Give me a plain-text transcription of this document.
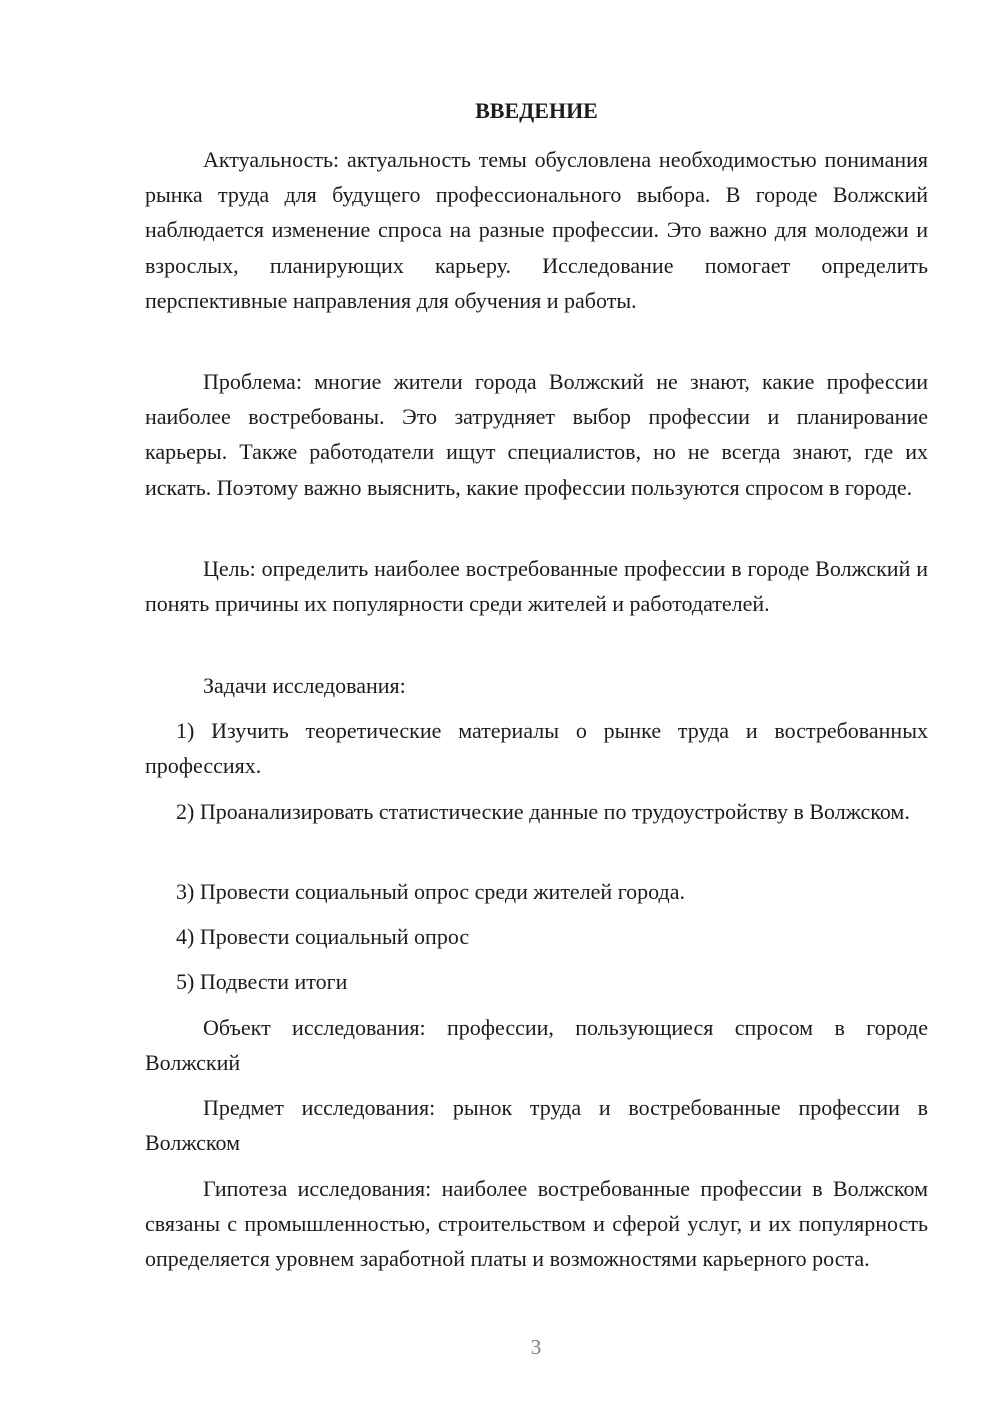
ВВЕДЕНИЕ

Актуальность: актуальность темы обусловлена необходимостью понимания рынка труда для будущего профессионального выбора. В городе Волжский наблюдается изменение спроса на разные профессии. Это важно для молодежи и взрослых, планирующих карьеру. Исследование помогает определить перспективные направления для обучения и работы.

Проблема: многие жители города Волжский не знают, какие профессии наиболее востребованы. Это затрудняет выбор профессии и планирование карьеры. Также работодатели ищут специалистов, но не всегда знают, где их искать. Поэтому важно выяснить, какие профессии пользуются спросом в городе.

Цель: определить наиболее востребованные профессии в городе Волжский и понять причины их популярности среди жителей и работодателей.

Задачи исследования:

1) Изучить теоретические материалы о рынке труда и востребованных профессиях.

2) Проанализировать статистические данные по трудоустройству в Волжском.

3) Провести социальный опрос среди жителей города.

4) Провести социальный опрос

5) Подвести итоги

Объект исследования: профессии, пользующиеся спросом в городе Волжский

Предмет исследования: рынок труда и востребованные профессии в Волжском

Гипотеза исследования: наиболее востребованные профессии в Волжском связаны с промышленностью, строительством и сферой услуг, и их популярность определяется уровнем заработной платы и возможностями карьерного роста.

3
